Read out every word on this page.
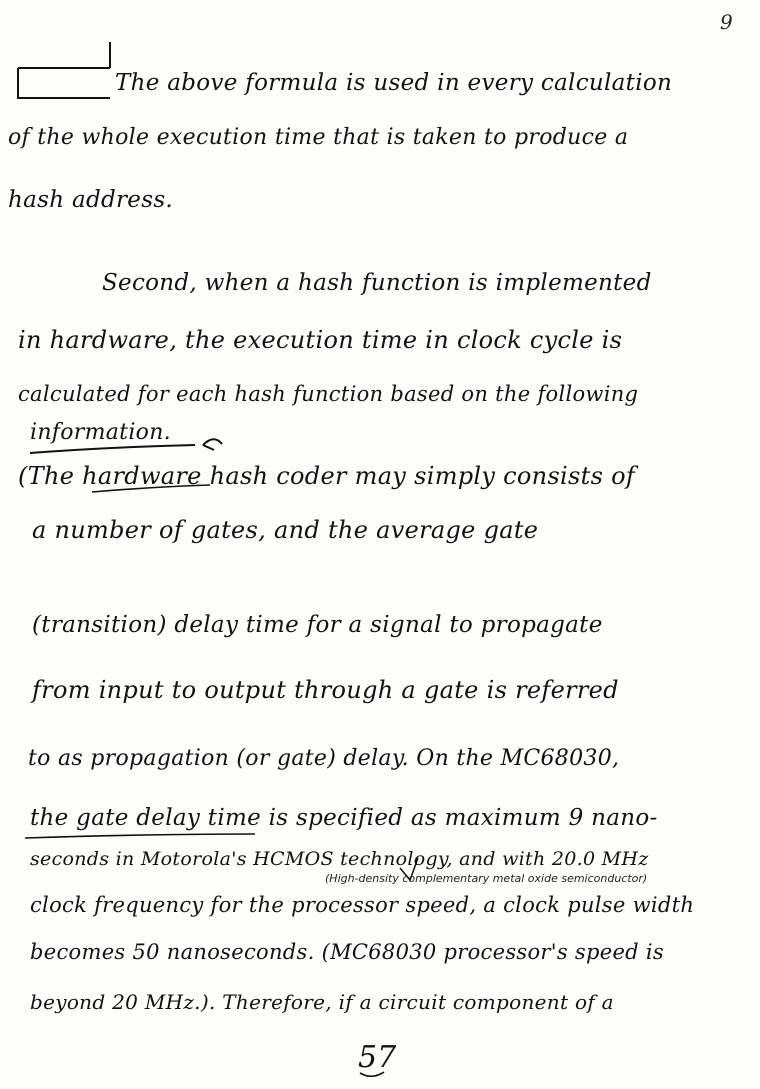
9
The above formula is used in every calculation
of the whole execution time that is taken to produce a
hash address.
Second, when a hash function is implemented
in hardware, the execution time in clock cycle is
calculated for each hash function based on the following
information.
(The hardware hash coder may simply consists of
a number of gates, and the average gate
(transition) delay time for a signal to propagate
from input to output through a gate is referred
to as propagation (or gate) delay. On the MC68030,
the gate delay time is specified as maximum 9 nano-
seconds in Motorola's HCMOS technology, and with 20.0 MHz
(High-density complementary metal oxide semiconductor)
clock frequency for the processor speed, a clock pulse width
becomes 50 nanoseconds. (MC68030 processor's speed is
beyond 20 MHz.). Therefore, if a circuit component of a
57
